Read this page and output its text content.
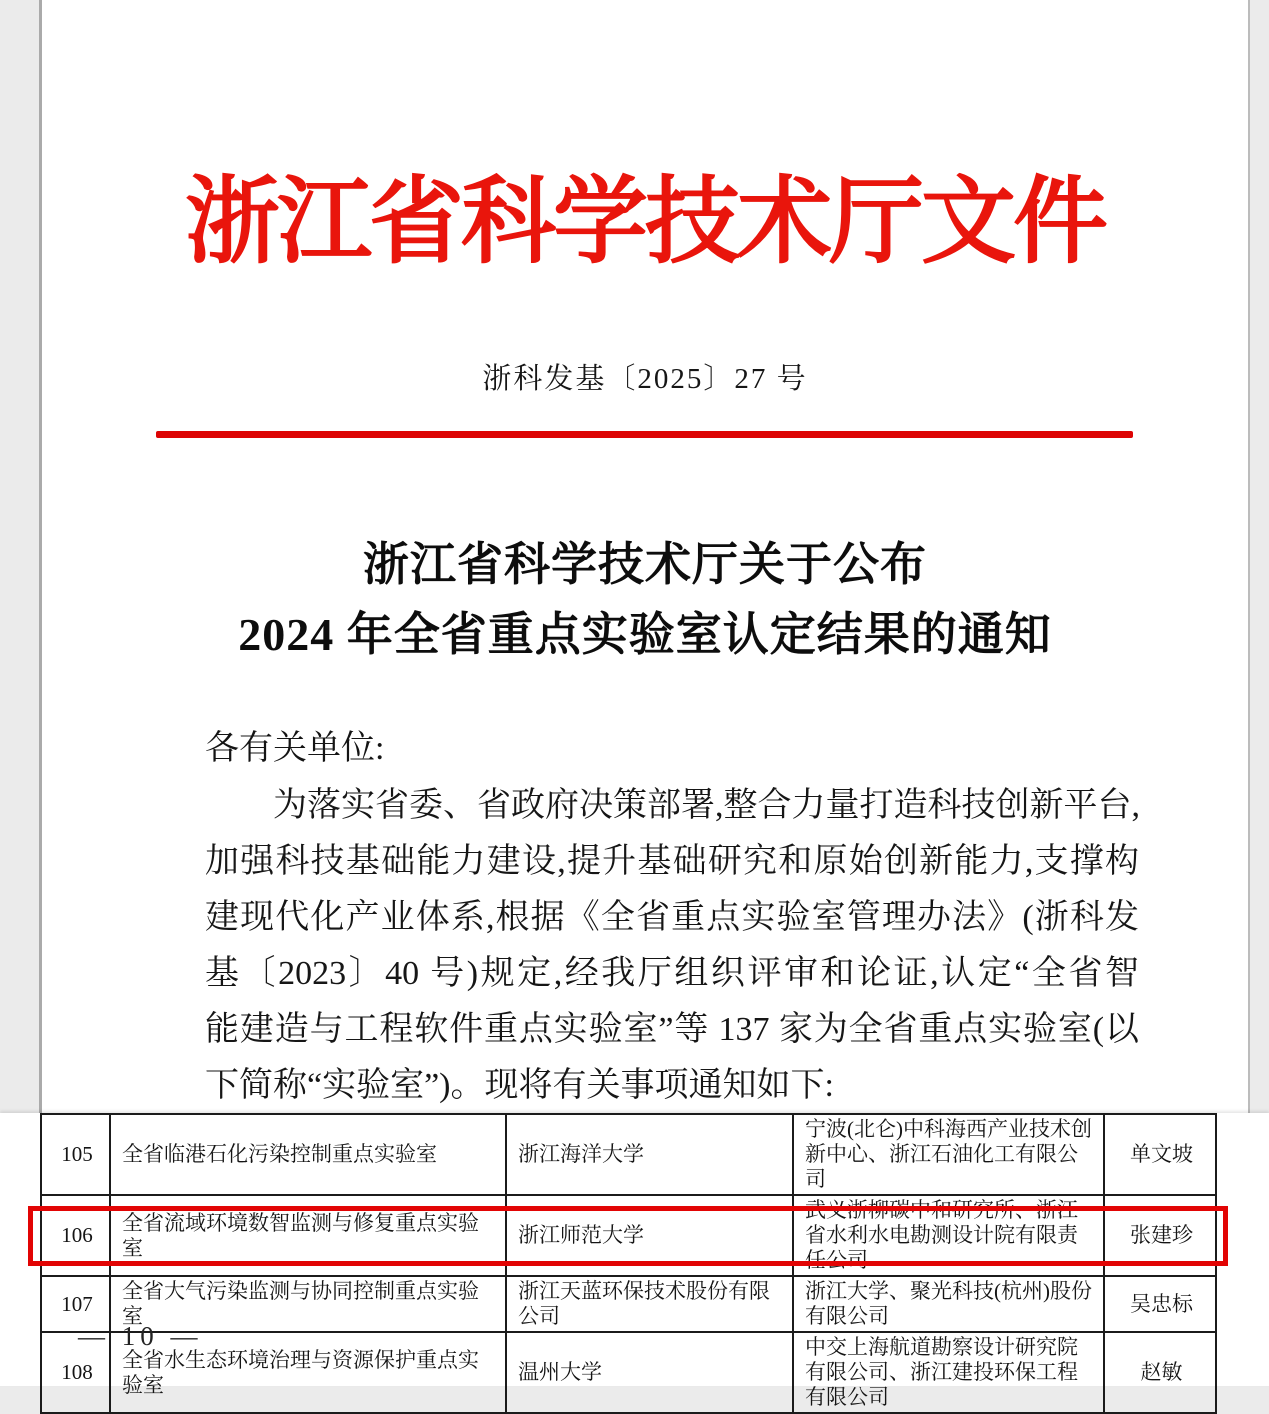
浙江省科学技术厅文件
浙科发基〔2025〕27 号
浙江省科学技术厅关于公布
2024 年全省重点实验室认定结果的通知
各有关单位:
为落实省委、省政府决策部署,整合力量打造科技创新平台,
加强科技基础能力建设,提升基础研究和原始创新能力,支撑构
建现代化产业体系,根据《全省重点实验室管理办法》(浙科发
基〔2023〕40 号)规定,经我厅组织评审和论证,认定“全省智
能建造与工程软件重点实验室”等 137 家为全省重点实验室(以
下简称“实验室”)。现将有关事项通知如下:
105	全省临港石化污染控制重点实验室	浙江海洋大学	宁波(北仑)中科海西产业技术创新中心、浙江石油化工有限公司	单文坡
106	全省流域环境数智监测与修复重点实验室	浙江师范大学	武义浙柳碳中和研究所、浙江省水利水电勘测设计院有限责任公司	张建珍
107	全省大气污染监测与协同控制重点实验室	浙江天蓝环保技术股份有限公司	浙江大学、聚光科技(杭州)股份有限公司	吴忠标
108	全省水生态环境治理与资源保护重点实验室	温州大学	中交上海航道勘察设计研究院有限公司、浙江建投环保工程有限公司	赵敏
— 10 —
